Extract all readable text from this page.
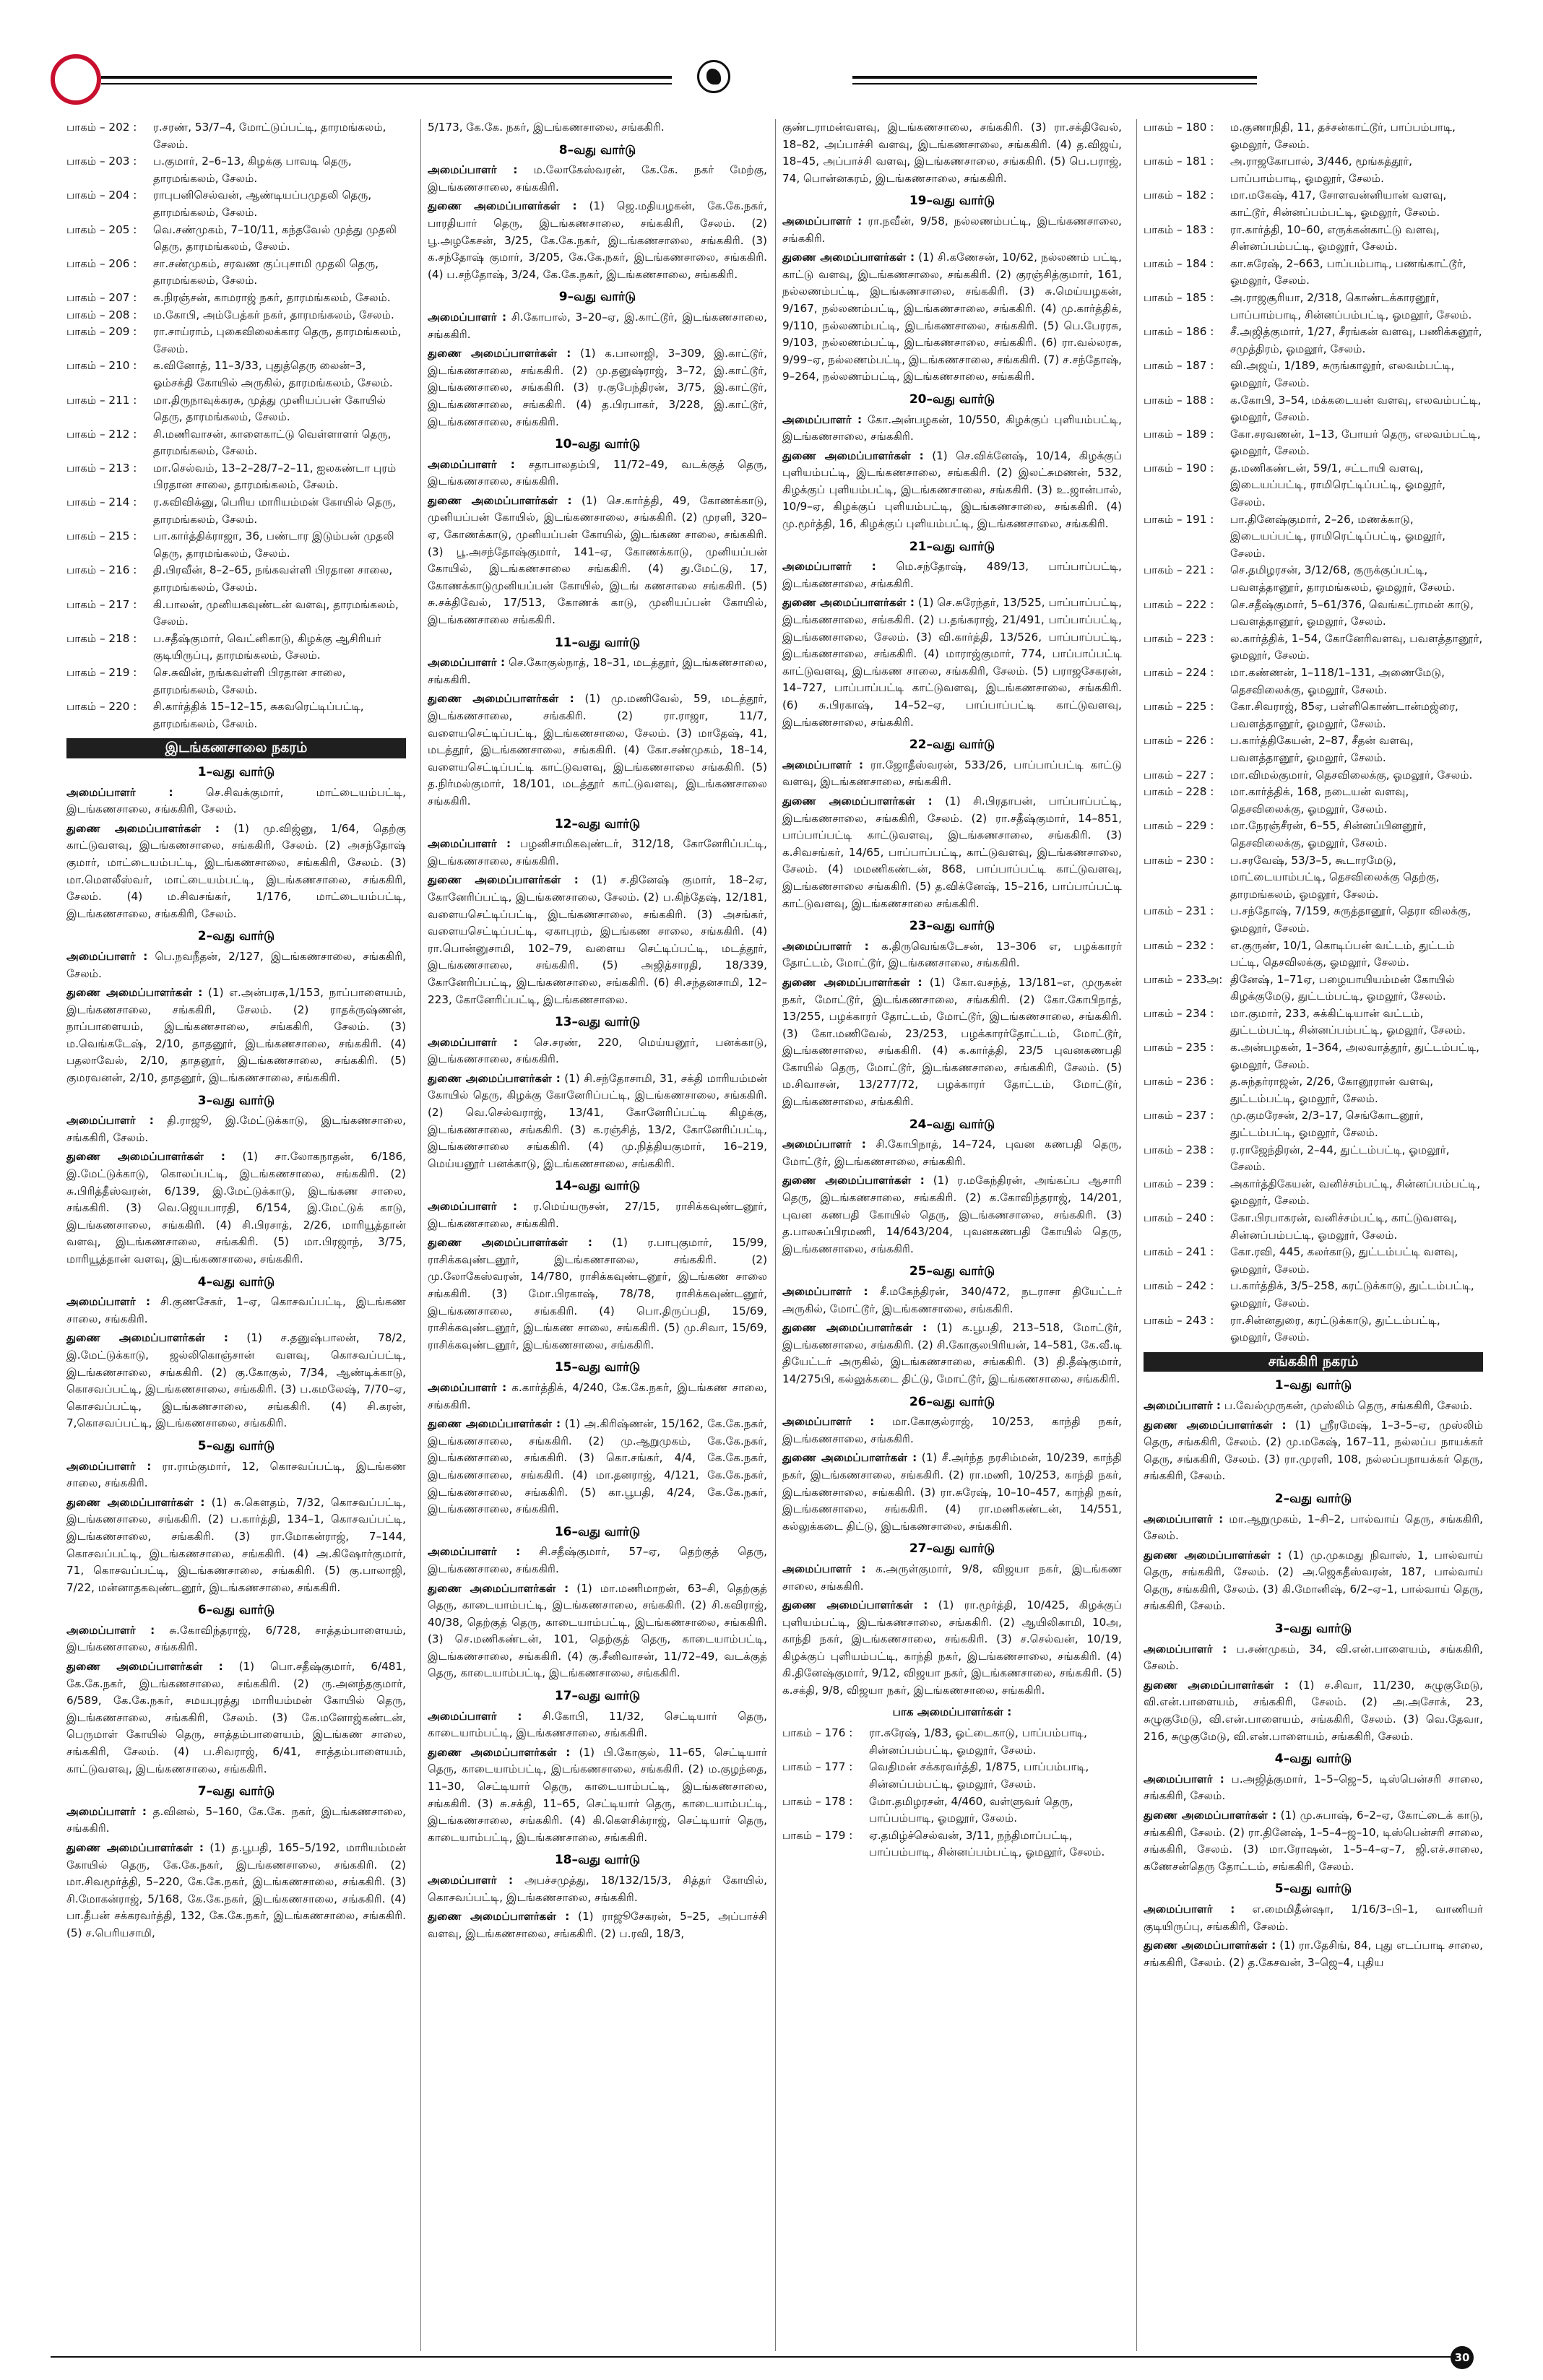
பாகம் – 202 :	ர.சரண், 53/7–4, மோட்டுப்பட்டி, தாரமங்கலம், சேலம்.
பாகம் – 203 :	ப.குமார், 2–6–13, கிழக்கு பாவடி தெரு, தாரமங்கலம், சேலம்.
பாகம் – 204 :	ராபுபனிசெல்வன், ஆண்டியப்பமுதலி தெரு, தாரமங்கலம், சேலம்.
பாகம் – 205 :	வெ.சண்முகம், 7–10/11, கந்தவேல் முத்து முதலி தெரு, தாரமங்கலம், சேலம்.
பாகம் – 206 :	சா.சண்முகம், சரவண குப்புசாமி முதலி தெரு, தாரமங்கலம், சேலம்.
பாகம் – 207 :	சு.நிரஞ்சன், காமராஜ் நகர், தாரமங்கலம், சேலம்.
பாகம் – 208 :	ம.கோபி, அம்பேத்கர் நகர், தாரமங்கலம், சேலம்.
பாகம் – 209 :	ரா.சாய்ராம், புகைவிலைக்கார தெரு, தாரமங்கலம், சேலம்.
பாகம் – 210 :	க.வினோத், 11–3/33, புதுத்தெரு லைன்–3, ஓம்சக்தி கோயில் அருகில், தாரமங்கலம், சேலம்.
பாகம் – 211 :	மா.திருநாவுக்கரசு, முத்து முனியப்பன் கோயில் தெரு, தாரமங்கலம், சேலம்.
பாகம் – 212 :	சி.மணிவாசன், காளைகாட்டு வெள்ளாளர் தெரு, தாரமங்கலம், சேலம்.
பாகம் – 213 :	மா.செல்வம், 13–2–28/7–2–11, ஐலகண்டா புரம் பிரதான சாலை, தாரமங்கலம், சேலம்.
பாகம் – 214 :	ர.கவிவிக்னு, பெரிய மாரியம்மன் கோயில் தெரு, தாரமங்கலம், சேலம்.
பாகம் – 215 :	பா.கார்த்திக்ராஜா, 36, பண்டார இடும்பன் முதலி தெரு, தாரமங்கலம், சேலம்.
பாகம் – 216 :	தி.பிரவீன், 8–2–65, நங்கவள்ளி பிரதான சாலை, தாரமங்கலம், சேலம்.
பாகம் – 217 :	கி.பாலன், முனியகவுண்டன் வளவு, தாரமங்கலம், சேலம்.
பாகம் – 218 :	ப.சதீஷ்குமார், வெட்னிகாடு, கிழக்கு ஆசிரியர் குடியிருப்பு, தாரமங்கலம், சேலம்.
பாகம் – 219 :	செ.சுவின், நங்கவள்ளி பிரதான சாலை, தாரமங்கலம், சேலம்.
பாகம் – 220 :	சி.கார்த்திக் 15–12–15, சுகவரெட்டிப்பட்டி, தாரமங்கலம், சேலம்.
இடங்கணசாலை நகரம்
1–வது வார்டு
அமைப்பாளர் :	செ.சிவக்குமார், மாட்டையம்பட்டி, இடங்கணசாலை, சங்ககிரி, சேலம்.
துணை அமைப்பாளர்கள் : (1) மு.விஜ்னு, 1/64, தெற்கு காட்டுவளவு, இடங்கணசாலை, சங்ககிரி, சேலம். (2) அசந்தோஷ் குமார், மாட்டையம்பட்டி, இடங்கணசாலை, சங்ககிரி, சேலம். (3) மா.மௌலீஸ்வர், மாட்டையம்பட்டி, இடங்கணசாலை, சங்ககிரி, சேலம். (4) ம.சிவசங்கர், 1/176, மாட்டையம்பட்டி, இடங்கணசாலை, சங்ககிரி, சேலம்.
2–வது வார்டு
அமைப்பாளர் : பெ.நவநீதன், 2/127, இடங்கணசாலை, சங்ககிரி, சேலம்.
துணை அமைப்பாளர்கள் : (1) எ.அன்பரசு,1/153, நாப்பாளையம், இடங்கணசாலை, சங்ககிரி, சேலம். (2) ராதக்ருஷ்ணன், நாப்பாளையம், இடங்கணசாலை, சங்ககிரி, சேலம். (3) ம.வெங்கடேஷ், 2/10, தாதனூர், இடங்கணசாலை, சங்ககிரி. (4) பதலாவேல், 2/10, தாதனூர், இடங்கணசாலை, சங்ககிரி. (5) குமரவனன், 2/10, தாதனூர், இடங்கணசாலை, சங்ககிரி.
3–வது வார்டு
அமைப்பாளர் : தி.ராஜூ, இ.மேட்டுக்காடு, இடங்கணசாலை, சங்ககிரி, சேலம்.
துணை அமைப்பாளர்கள் : (1) சா.லோகநாதன், 6/186, இ.மேட்டுக்காடு, கொலப்பட்டி, இடங்கணசாலை, சங்ககிரி. (2) சு.பிரித்தீஸ்வரன், 6/139, இ.மேட்டுக்காடு, இடங்கண சாலை, சங்ககிரி. (3) வெ.ஜெயபாரதி, 6/154, இ.மேட்டுக் காடு, இடங்கணசாலை, சங்ககிரி. (4) சி.பிரசாத், 2/26, மாரியூத்தான் வளவு, இடங்கணசாலை, சங்ககிரி. (5) மா.பிரஜாந், 3/75, மாரியூத்தான் வளவு, இடங்கணசாலை, சங்ககிரி.
4–வது வார்டு
அமைப்பாளர் : சி.குணசேகர், 1–ஏ, கொசவப்பட்டி, இடங்கண சாலை, சங்ககிரி.
துணை அமைப்பாளர்கள் : (1) ச.தனுஷ்பாலன், 78/2, இ.மேட்டுக்காடு, ஜல்லிகொஞ்சான் வளவு, கொசவப்பட்டி, இடங்கணசாலை, சங்ககிரி. (2) கு.கோகுல், 7/34, ஆண்டிக்காடு, கொசவப்பட்டி, இடங்கணசாலை, சங்ககிரி. (3) ப.கமலேஷ், 7/70–ஏ, கொசவப்பட்டி, இடங்கணசாலை, சங்ககிரி. (4) சி.கரன், 7,கொசவப்பட்டி, இடங்கணசாலை, சங்ககிரி.
5–வது வார்டு
அமைப்பாளர் : ரா.ராம்குமார், 12, கொசவப்பட்டி, இடங்கண சாலை, சங்ககிரி.
துணை அமைப்பாளர்கள் : (1) சு.கௌதம், 7/32, கொசவப்பட்டி, இடங்கணசாலை, சங்ககிரி. (2) ப.கார்த்தி, 134–1, கொசவப்பட்டி, இடங்கணசாலை, சங்ககிரி. (3) ரா.மோகன்ராஜ், 7–144, கொசவப்பட்டி, இடங்கணசாலை, சங்ககிரி. (4) அ.கிஷோர்குமார், 71, கொசவப்பட்டி, இடங்கணசாலை, சங்ககிரி. (5) கு.பாலாஜி, 7/22, மன்னாதகவுண்டனூர், இடங்கணசாலை, சங்ககிரி.
6–வது வார்டு
அமைப்பாளர் : சு.கோவிந்தராஜ், 6/728, சாத்தம்பாளையம், இடங்கணசாலை, சங்ககிரி.
துணை அமைப்பாளர்கள் : (1) பொ.சதீஷ்குமார், 6/481, கே.கே.நகர், இடங்கணசாலை, சங்ககிரி. (2) ரு.அனந்தகுமார், 6/589, கே.கே.நகர், சமயபுரத்து மாரியம்மன் கோயில் தெரு, இடங்கணசாலை, சங்ககிரி, சேலம். (3) கே.மனோஜ்கண்டன், பெருமாள் கோயில் தெரு, சாத்தம்பாளையம், இடங்கண சாலை, சங்ககிரி, சேலம். (4) ப.சிவராஜ், 6/41, சாத்தம்பாளையம், காட்டுவளவு, இடங்கணசாலை, சங்ககிரி.
7–வது வார்டு
அமைப்பாளர் : த.வினல், 5–160, கே.கே. நகர், இடங்கணசாலை, சங்ககிரி.
துணை அமைப்பாளர்கள் : (1) த.பூபதி, 165–5/192, மாரியம்மன் கோயில் தெரு, கே.கே.நகர், இடங்கணசாலை, சங்ககிரி. (2) மா.சிவமூர்த்தி, 5–220, கே.கே.நகர், இடங்கணசாலை, சங்ககிரி. (3) சி.மோகன்ராஜ், 5/168, கே.கே.நகர், இடங்கணசாலை, சங்ககிரி. (4) பா.தீபன் சக்கரவர்த்தி, 132, கே.கே.நகர், இடங்கணசாலை, சங்ககிரி. (5) ச.பெரியசாமி,
5/173, கே.கே. நகர், இடங்கணசாலை, சங்ககிரி.
8–வது வார்டு
அமைப்பாளர் : ம.லோகேஸ்வரன், கே.கே. நகர் மேற்கு, இடங்கணசாலை, சங்ககிரி.
துணை அமைப்பாளர்கள் : (1) ஜெ.மதியழகன், கே.கே.நகர், பாரதியார் தெரு, இடங்கணசாலை, சங்ககிரி, சேலம். (2) பூ.அழகேசன், 3/25, கே.கே.நகர், இடங்கணசாலை, சங்ககிரி. (3) க.சந்தோஷ் குமார், 3/205, கே.கே.நகர், இடங்கணசாலை, சங்ககிரி. (4) ப.சந்தோஷ், 3/24, கே.கே.நகர், இடங்கணசாலை, சங்ககிரி.
9–வது வார்டு
அமைப்பாளர் : சி.கோபால், 3–20–ஏ, இ.காட்டூர், இடங்கணசாலை, சங்ககிரி.
துணை அமைப்பாளர்கள் : (1) க.பாலாஜி, 3–309, இ.காட்டூர், இடங்கணசாலை, சங்ககிரி. (2) மு.தனுஷ்ராஜ், 3–72, இ.காட்டூர், இடங்கணசாலை, சங்ககிரி. (3) ர.குபேந்திரன், 3/75, இ.காட்டூர், இடங்கணசாலை, சங்ககிரி. (4) த.பிரபாகர், 3/228, இ.காட்டூர், இடங்கணசாலை, சங்ககிரி.
10–வது வார்டு
அமைப்பாளர் : சதாபாலதம்பி, 11/72–49, வடக்குத் தெரு, இடங்கணசாலை, சங்ககிரி.
துணை அமைப்பாளர்கள் : (1) செ.கார்த்தி, 49, கோணக்காடு, முனியப்பன் கோயில், இடங்கணசாலை, சங்ககிரி. (2) முரளி, 320–ஏ, கோணக்காடு, முனியப்பன் கோயில், இடங்கண சாலை, சங்ககிரி. (3) பூ.அசந்தோஷ்குமார், 141–ஏ, கோணக்காடு, முனியப்பன் கோயில், இடங்கணசாலை சங்ககிரி. (4) து.மேட்டு, 17, கோணக்காடுமுனியப்பன் கோயில், இடங் கணசாலை சங்ககிரி. (5) சு.சக்திவேல், 17/513, கோணக் காடு, முனியப்பன் கோயில், இடங்கணசாலை சங்ககிரி.
11–வது வார்டு
அமைப்பாளர் : செ.கோகுல்நாத், 18–31, மடத்தூர், இடங்கணசாலை, சங்ககிரி.
துணை அமைப்பாளர்கள் : (1) மு.மணிவேல், 59, மடத்தூர், இடங்கணசாலை, சங்ககிரி. (2) ரா.ராஜா, 11/7, வளையசெட்டிப்பட்டி, இடங்கணசாலை, சேலம். (3) மாதேஷ், 41, மடத்தூர், இடங்கணசாலை, சங்ககிரி. (4) கோ.சண்முகம், 18–14, வளையசெட்டிப்பட்டி காட்டுவளவு, இடங்கணசாலை சங்ககிரி. (5) த.நிர்மல்குமார், 18/101, மடத்தூர் காட்டுவளவு, இடங்கணசாலை சங்ககிரி.
12–வது வார்டு
அமைப்பாளர் : பழனிசாமிகவுண்டர், 312/18, கோனேரிப்பட்டி, இடங்கணசாலை, சங்ககிரி.
துணை அமைப்பாளர்கள் : (1) ச.தினேஷ் குமார், 18–2ஏ, கோனேரிப்பட்டி, இடங்கணசாலை, சேலம். (2) ப.கிந்தேஷ், 12/181, வளையசெட்டிப்பட்டி, இடங்கணசாலை, சங்ககிரி. (3) அசங்கர், வளையசெட்டிப்பட்டி, ஏகாபுரம், இடங்கண சாலை, சங்ககிரி. (4) ரா.பொன்னுசாமி, 102–79, வளைய செட்டிப்பட்டி, மடத்தூர், இடங்கணசாலை, சங்ககிரி. (5) அஜித்சாரதி, 18/339, கோனேரிப்பட்டி, இடங்கணசாலை, சங்ககிரி. (6) சி.சந்தனசாமி, 12–223, கோனேரிப்பட்டி, இடங்கணசாலை.
13–வது வார்டு
அமைப்பாளர் : செ.சரண், 220, மெய்யனூர், பனக்காடு, இடங்கணசாலை, சங்ககிரி.
துணை அமைப்பாளர்கள் : (1) சி.சந்தோசாமி, 31, சக்தி மாரியம்மன் கோயில் தெரு, கிழக்கு கோனேரிப்பட்டி, இடங்கணசாலை, சங்ககிரி. (2) வெ.செல்வராஜ், 13/41, கோனேரிப்பட்டி கிழக்கு, இடங்கணசாலை, சங்ககிரி. (3) க.ரஞ்சித், 13/2, கோனேரிப்பட்டி, இடங்கணசாலை சங்ககிரி. (4) மு.நித்தியகுமார், 16–219, மெய்யனூர் பனக்காடு, இடங்கணசாலை, சங்ககிரி.
14–வது வார்டு
அமைப்பாளர் : ர.மெய்யருசன், 27/15, ராசிக்கவுண்டனூர், இடங்கணசாலை, சங்ககிரி.
துணை அமைப்பாளர்கள் : (1) ர.பாபுகுமார், 15/99, ராசிக்கவுண்டனூர், இடங்கணசாலை, சங்ககிரி. (2) மு.லோகேஸ்வரன், 14/780, ராசிக்கவுண்டனூர், இடங்கண சாலை சங்ககிரி. (3) மோ.பிரகாஷ், 78/78, ராசிக்கவுண்டனூர், இடங்கணசாலை, சங்ககிரி. (4) பொ.திருப்பதி, 15/69, ராசிக்கவுண்டனூர், இடங்கண சாலை, சங்ககிரி. (5) மு.சிவா, 15/69, ராசிக்கவுண்டனூர், இடங்கணசாலை, சங்ககிரி.
15–வது வார்டு
அமைப்பாளர் : க.கார்த்திக், 4/240, கே.கே.நகர், இடங்கண சாலை, சங்ககிரி.
துணை அமைப்பாளர்கள் : (1) அ.கிரிஷ்ணன், 15/162, கே.கே.நகர், இடங்கணசாலை, சங்ககிரி. (2) மு.ஆறுமுகம், கே.கே.நகர், இடங்கணசாலை, சங்ககிரி. (3) கொ.சங்கர், 4/4, கே.கே.நகர், இடங்கணசாலை, சங்ககிரி. (4) மா.தனராஜ், 4/121, கே.கே.நகர், இடங்கணசாலை, சங்ககிரி. (5) கா.பூபதி, 4/24, கே.கே.நகர், இடங்கணசாலை, சங்ககிரி.
16–வது வார்டு
அமைப்பாளர் : சி.சதீஷ்குமார், 57–ஏ, தெற்குத் தெரு, இடங்கணசாலை, சங்ககிரி.
துணை அமைப்பாளர்கள் : (1) மா.மணிமாறன், 63–சி, தெற்குத் தெரு, காடையாம்பட்டி, இடங்கணசாலை, சங்ககிரி. (2) சி.கவிராஜ், 40/38, தெற்குத் தெரு, காடையாம்பட்டி, இடங்கணசாலை, சங்ககிரி. (3) செ.மணிகண்டன், 101, தெற்குத் தெரு, காடையாம்பட்டி, இடங்கணசாலை, சங்ககிரி. (4) கு.சீனிவாசன், 11/72–49, வடக்குத் தெரு, காடையாம்பட்டி, இடங்கணசாலை, சங்ககிரி.
17–வது வார்டு
அமைப்பாளர் : சி.கோபி, 11/32, செட்டியார் தெரு, காடையாம்பட்டி, இடங்கணசாலை, சங்ககிரி.
துணை அமைப்பாளர்கள் : (1) பி.கோகுல், 11–65, செட்டியார் தெரு, காடையாம்பட்டி, இடங்கணசாலை, சங்ககிரி. (2) ம.குழந்தை, 11–30, செட்டியார் தெரு, காடையாம்பட்டி, இடங்கணசாலை, சங்ககிரி. (3) சு.சக்தி, 11–65, செட்டியார் தெரு, காடையாம்பட்டி, இடங்கணசாலை, சங்ககிரி. (4) கி.கௌசிக்ராஜ், செட்டியார் தெரு, காடையாம்பட்டி, இடங்கணசாலை, சங்ககிரி.
18–வது வார்டு
அமைப்பாளர் : அபச்சமுத்து, 18/132/15/3, சித்தர் கோயில், கொசவப்பட்டி, இடங்கணசாலை, சங்ககிரி.
துணை அமைப்பாளர்கள் : (1) ராஜூசேகரன், 5–25, அப்பாச்சி வளவு, இடங்கணசாலை, சங்ககிரி. (2) ப.ரவி, 18/3,
குண்டராமன்வளவு, இடங்கணசாலை, சங்ககிரி. (3) ரா.சக்திவேல், 18–82, அப்பாச்சி வளவு, இடங்கணசாலை, சங்ககிரி. (4) த.விஜய், 18–45, அப்பாச்சி வளவு, இடங்கணசாலை, சங்ககிரி. (5) பெ.பராஜ், 74, பொன்னகரம், இடங்கணசாலை, சங்ககிரி.
19–வது வார்டு
அமைப்பாளர் : ரா.நவீன், 9/58, நல்லணம்பட்டி, இடங்கணசாலை, சங்ககிரி.
துணை அமைப்பாளர்கள் : (1) சி.கணேசன், 10/62, நல்லணம் பட்டி, காட்டு வளவு, இடங்கணசாலை, சங்ககிரி. (2) குரஞ்சித்குமார், 161, நல்லணம்பட்டி, இடங்கணசாலை, சங்ககிரி. (3) சு.மெய்யழகன், 9/167, நல்லணம்பட்டி, இடங்கணசாலை, சங்ககிரி. (4) மு.கார்த்திக், 9/110, நல்லணம்பட்டி, இடங்கணசாலை, சங்ககிரி. (5) பெ.பேரரசு, 9/103, நல்லணம்பட்டி, இடங்கணசாலை, சங்ககிரி. (6) ரா.வல்லரசு, 9/99–ஏ, நல்லணம்பட்டி, இடங்கணசாலை, சங்ககிரி. (7) ச.சந்தோஷ், 9–264, நல்லணம்பட்டி, இடங்கணசாலை, சங்ககிரி.
20–வது வார்டு
அமைப்பாளர் : கோ.அன்பழகன், 10/550, கிழக்குப் புளியம்பட்டி, இடங்கணசாலை, சங்ககிரி.
துணை அமைப்பாளர்கள் : (1) செ.விக்னேஷ், 10/14, கிழக்குப் புளியம்பட்டி, இடங்கணசாலை, சங்ககிரி. (2) இலட்சுமணன், 532, கிழக்குப் புளியம்பட்டி, இடங்கணசாலை, சங்ககிரி. (3) உ.ஜான்பால், 10/9–ஏ, கிழக்குப் புளியம்பட்டி, இடங்கணசாலை, சங்ககிரி. (4) மு.மூர்த்தி, 16, கிழக்குப் புளியம்பட்டி, இடங்கணசாலை, சங்ககிரி.
21–வது வார்டு
அமைப்பாளர் : மெ.சந்தோஷ், 489/13, பாப்பாப்பட்டி, இடங்கணசாலை, சங்ககிரி.
துணை அமைப்பாளர்கள் : (1) செ.சுரேந்தர், 13/525, பாப்பாப்பட்டி, இடங்கணசாலை, சங்ககிரி. (2) ப.தங்கராஜ், 21/491, பாப்பாப்பட்டி, இடங்கணசாலை, சேலம். (3) வி.கார்த்தி, 13/526, பாப்பாப்பட்டி, இடங்கணசாலை, சங்ககிரி. (4) மாராஜ்குமார், 774, பாப்பாப்பட்டி காட்டுவளவு, இடங்கண சாலை, சங்ககிரி, சேலம். (5) பராஜசேகரன், 14–727, பாப்பாப்பட்டி காட்டுவளவு, இடங்கணசாலை, சங்ககிரி. (6) சு.பிரகாஷ், 14–52–ஏ, பாப்பாப்பட்டி காட்டுவளவு, இடங்கணசாலை, சங்ககிரி.
22–வது வார்டு
அமைப்பாளர் : ரா.ஜோதீஸ்வரன், 533/26, பாப்பாப்பட்டி காட்டு வளவு, இடங்கணசாலை, சங்ககிரி.
துணை அமைப்பாளர்கள் : (1) சி.பிரதாபன், பாப்பாப்பட்டி, இடங்கணசாலை, சங்ககிரி, சேலம். (2) ரா.சதீஷ்குமார், 14–851, பாப்பாப்பட்டி காட்டுவளவு, இடங்கணசாலை, சங்ககிரி. (3) க.சிவசங்கர், 14/65, பாப்பாப்பட்டி, காட்டுவளவு, இடங்கணசாலை, சேலம். (4) மமணிகண்டன், 868, பாப்பாப்பட்டி காட்டுவளவு, இடங்கணசாலை சங்ககிரி. (5) த.விக்னேஷ், 15–216, பாப்பாப்பட்டி காட்டுவளவு, இடங்கணசாலை சங்ககிரி.
23–வது வார்டு
அமைப்பாளர் : க.திருவெங்கடேசன், 13–306 எ, பழக்காரர் தோட்டம், மோட்டூர், இடங்கணசாலை, சங்ககிரி.
துணை அமைப்பாளர்கள் : (1) கோ.வசந்த், 13/181–எ, முருகன் நகர், மோட்டூர், இடங்கணசாலை, சங்ககிரி. (2) கோ.கோபிநாத், 13/255, பழக்காரர் தோட்டம், மோட்டூர், இடங்கணசாலை, சங்ககிரி. (3) கோ.மணிவேல், 23/253, பழக்காரர்தோட்டம், மோட்டூர், இடங்கணசாலை, சங்ககிரி. (4) க.கார்த்தி, 23/5 புவனகணபதி கோயில் தெரு, மோட்டூர், இடங்கணசாலை, சங்ககிரி, சேலம். (5) ம.சிவாசன், 13/277/72, பழக்காரர் தோட்டம், மோட்டூர், இடங்கணசாலை, சங்ககிரி.
24–வது வார்டு
அமைப்பாளர் : சி.கோபிநாத், 14–724, புவன கணபதி தெரு, மோட்டூர், இடங்கணசாலை, சங்ககிரி.
துணை அமைப்பாளர்கள் : (1) ர.மகேந்திரன், அங்கப்ப ஆசாரி தெரு, இடங்கணசாலை, சங்ககிரி. (2) க.கோவிந்தராஜ், 14/201, புவன கணபதி கோயில் தெரு, இடங்கணசாலை, சங்ககிரி. (3) த.பாலசுப்பிரமணி, 14/643/204, புவனகணபதி கோயில் தெரு, இடங்கணசாலை, சங்ககிரி.
25–வது வார்டு
அமைப்பாளர் : சீ.மகேந்திரன், 340/472, நடராசா தியேட்டர் அருகில், மோட்டூர், இடங்கணசாலை, சங்ககிரி.
துணை அமைப்பாளர்கள் : (1) க.பூபதி, 213–518, மோட்டூர், இடங்கணசாலை, சங்ககிரி. (2) சி.கோகுலபிரியன், 14–581, கே.வீ.டி தியேட்டர் அருகில், இடங்கணசாலை, சங்ககிரி. (3) தி.தீஷ்குமார், 14/275பி, கல்லுக்கடை திட்டு, மோட்டூர், இடங்கணசாலை, சங்ககிரி.
26–வது வார்டு
அமைப்பாளர் : மா.கோகுல்ராஜ், 10/253, காந்தி நகர், இடங்கணசாலை, சங்ககிரி.
துணை அமைப்பாளர்கள் : (1) சீ.அர்ந்த நரசிம்மன், 10/239, காந்தி நகர், இடங்கணசாலை, சங்ககிரி. (2) ரா.மணி, 10/253, காந்தி நகர், இடங்கணசாலை, சங்ககிரி. (3) ரா.சுரேஷ், 10–10–457, காந்தி நகர், இடங்கணசாலை, சங்ககிரி. (4) ரா.மணிகண்டன், 14/551, கல்லுக்கடை திட்டு, இடங்கணசாலை, சங்ககிரி.
27–வது வார்டு
அமைப்பாளர் : க.அருள்குமார், 9/8, விஜயா நகர், இடங்கண சாலை, சங்ககிரி.
துணை அமைப்பாளர்கள் : (1) ரா.மூர்த்தி, 10/425, கிழக்குப் புளியம்பட்டி, இடங்கணசாலை, சங்ககிரி. (2) ஆயிலிகாமி, 10அ, காந்தி நகர், இடங்கணசாலை, சங்ககிரி. (3) ச.செல்வன், 10/19, கிழக்குப் புளியம்பட்டி, காந்தி நகர், இடங்கணசாலை, சங்ககிரி. (4) கி.தினேஷ்குமார், 9/12, விஜயா நகர், இடங்கணசாலை, சங்ககிரி. (5) க.சக்தி, 9/8, விஜயா நகர், இடங்கணசாலை, சங்ககிரி.
பாக அமைப்பாளர்கள் :
பாகம் – 176 :	ரா.சுரேஷ், 1/83, ஓட்டைகாடு, பாப்பம்பாடி, சின்னப்பம்பட்டி, ஓமலூர், சேலம்.
பாகம் – 177 :	வெதிமன் சக்கரவர்த்தி, 1/875, பாப்பம்பாடி, சின்னப்பம்பட்டி, ஓமலூர், சேலம்.
பாகம் – 178 :	மோ.தமிழரசன், 4/460, வள்ளுவர் தெரு, பாப்பம்பாடி, ஓமலூர், சேலம்.
பாகம் – 179 :	ஏ.தமிழ்ச்செல்வன், 3/11, நந்திமாப்பட்டி, பாப்பம்பாடி, சின்னப்பம்பட்டி, ஓமலூர், சேலம்.
பாகம் – 180 :	ம.குணாநிதி, 11, தச்சன்காட்டூர், பாப்பம்பாடி, ஓமலூர், சேலம்.
பாகம் – 181 :	அ.ராஜகோபால், 3/446, மூங்கத்தூர், பாப்பாம்பாடி, ஓமலூர், சேலம்.
பாகம் – 182 :	மா.மகேஷ், 417, சோளவன்னியான் வளவு, காட்டூர், சின்னப்பம்பட்டி, ஓமலூர், சேலம்.
பாகம் – 183 :	ரா.கார்த்தி, 10–60, எருக்கன்காட்டு வளவு, சின்னப்பம்பட்டி, ஓமலூர், சேலம்.
பாகம் – 184 :	கா.சுரேஷ், 2–663, பாப்பம்பாடி, பணங்காட்டூர், ஓமலூர், சேலம்.
பாகம் – 185 :	அ.ராஜசூரியா, 2/318, கொண்டக்காரனூர், பாப்பாம்பாடி, சின்னப்பம்பட்டி, ஓமலூர், சேலம்.
பாகம் – 186 :	சீ.அஜித்குமார், 1/27, சீரங்கன் வளவு, பணிக்கனூர், சமுத்திரம், ஓமலூர், சேலம்.
பாகம் – 187 :	வி.அஜய், 1/189, சுருங்காலூர், எலவம்பட்டி, ஓமலூர், சேலம்.
பாகம் – 188 :	க.கோபி, 3–54, மக்கடையன் வளவு, எலவம்பட்டி, ஓமலூர், சேலம்.
பாகம் – 189 :	கோ.சரவணன், 1–13, போயர் தெரு, எலவம்பட்டி, ஓமலூர், சேலம்.
பாகம் – 190 :	த.மணிகண்டன், 59/1, சட்டாயி வளவு, இடையப்பட்டி, ராமிரெட்டிப்பட்டி, ஓமலூர், சேலம்.
பாகம் – 191 :	பா.தினேஷ்குமார், 2–26, மணக்காடு, இடையப்பட்டி, ராமிரெட்டிப்பட்டி, ஓமலூர், சேலம்.
பாகம் – 221 :	செ.தமிழரசன், 3/12/68, குருக்குப்பட்டி, பவளத்தானூர், தாரமங்கலம், ஓமலூர், சேலம்.
பாகம் – 222 :	செ.சதீஷ்குமார், 5–61/376, வெங்கட்ராமன் காடு, பவளத்தானூர், ஓமலூர், சேலம்.
பாகம் – 223 :	ல.கார்த்திக், 1–54, கோனேரிவளவு, பவளத்தானூர், ஓமலூர், சேலம்.
பாகம் – 224 :	மா.கண்ணன், 1–118/1–131, அணைமேடு, தெசவிலைக்கு, ஓமலூர், சேலம்.
பாகம் – 225 :	கோ.சிவராஜ், 85ஏ, பள்ளிகொண்டான்மஜ்ரை, பவளத்தானூர், ஓமலூர், சேலம்.
பாகம் – 226 :	ப.கார்த்திகேயன், 2–87, சீதன் வளவு, பவளத்தானூர், ஓமலூர், சேலம்.
பாகம் – 227 :	மா.விமல்குமார், தெசவிலைக்கு, ஓமலூர், சேலம்.
பாகம் – 228 :	மா.கார்த்திக், 168, நடையன் வளவு, தெசவிலைக்கு, ஓமலூர், சேலம்.
பாகம் – 229 :	மா.நேரஞ்சீரன், 6–55, சின்னப்பினனூர், தெசவிலைக்கு, ஓமலூர், சேலம்.
பாகம் – 230 :	ப.சரவேஷ், 53/3–5, கூடாரமேடு, மாட்டையாம்பட்டி, தெசவிலைக்கு தெற்கு, தாரமங்கலம், ஓமலூர், சேலம்.
பாகம் – 231 :	ப.சந்தோஷ், 7/159, சுருத்தானூர், தெரா விலக்கு, ஓமலூர், சேலம்.
பாகம் – 232 :	எ.குருண், 10/1, கொடிப்பன் வட்டம், துட்டம் பட்டி, தெசவிலக்கு, ஓமலூர், சேலம்.
பாகம் – 233அ: தினேஷ், 1–71ஏ, பழையாயியம்மன் கோயில் கிழக்குமேடு, துட்டம்பட்டி, ஓமலூர், சேலம்.
பாகம் – 234 :	மா.குமார், 233, சுக்கிட்டியான் வட்டம், துட்டம்பட்டி, சின்னப்பம்பட்டி, ஓமலூர், சேலம்.
பாகம் – 235 :	க.அன்பழகன், 1–364, அலவாத்தூர், துட்டம்பட்டி, ஓமலூர், சேலம்.
பாகம் – 236 :	த.சுந்தர்ராஜன், 2/26, கோனூரான் வளவு, துட்டம்பட்டி, ஓமலூர், சேலம்.
பாகம் – 237 :	மு.குமரேசன், 2/3–17, செங்கோடனூர், துட்டம்பட்டி, ஓமலூர், சேலம்.
பாகம் – 238 :	ர.ராஜேந்திரன், 2–44, துட்டம்பட்டி, ஓமலூர், சேலம்.
பாகம் – 239 :	அகார்த்திகேயன், வனிச்சம்பட்டி, சின்னப்பம்பட்டி, ஓமலூர், சேலம்.
பாகம் – 240 :	கோ.பிரபாகரன், வனிச்சம்பட்டி, காட்டுவளவு, சின்னப்பம்பட்டி, ஓமலூர், சேலம்.
பாகம் – 241 :	கோ.ரவி, 445, கலர்காடு, துட்டம்பட்டி வளவு, ஓமலூர், சேலம்.
பாகம் – 242 :	ப.கார்த்திக், 3/5–258, கரட்டுக்காடு, துட்டம்பட்டி, ஓமலூர், சேலம்.
பாகம் – 243 :	ரா.சின்னதுரை, கரட்டுக்காடு, துட்டம்பட்டி, ஓமலூர், சேலம்.
சங்ககிரி நகரம்
1–வது வார்டு
அமைப்பாளர் : ப.வேல்முருகன், முஸ்லிம் தெரு, சங்ககிரி, சேலம்.
துணை அமைப்பாளர்கள் : (1) ஸ்ரீரமேஷ், 1–3–5–ஏ, முஸ்லிம் தெரு, சங்ககிரி, சேலம். (2) மு.மகேஷ், 167–11, நல்லப்ப நாயக்கர் தெரு, சங்ககிரி, சேலம். (3) ரா.முரளி, 108, நல்லப்பநாயக்கர் தெரு, சங்ககிரி, சேலம்.
2–வது வார்டு
அமைப்பாளர் : மா.ஆறுமுகம், 1–சி–2, பால்வாய் தெரு, சங்ககிரி, சேலம்.
துணை அமைப்பாளர்கள் : (1) மு.முகமது நிவாஸ், 1, பால்வாய் தெரு, சங்ககிரி, சேலம். (2) அ.ஜெகதீஸ்வரன், 187, பால்வாய் தெரு, சங்ககிரி, சேலம். (3) கி.மோனிஷ், 6/2–ஏ–1, பால்வாய் தெரு, சங்ககிரி, சேலம்.
3–வது வார்டு
அமைப்பாளர் : ப.சண்முகம், 34, வி.என்.பாளையம், சங்ககிரி, சேலம்.
துணை அமைப்பாளர்கள் : (1) ச.சிவா, 11/230, சுழுகுமேடு, வி.என்.பாளையம், சங்ககிரி, சேலம். (2) அ.அசோக், 23, சுழுகுமேடு, வி.என்.பாளையம், சங்ககிரி, சேலம். (3) வெ.தேவா, 216, சுழுகுமேடு, வி.என்.பாளையம், சங்ககிரி, சேலம்.
4–வது வார்டு
அமைப்பாளர் : ப.அஜித்குமார், 1–5–ஜெ–5, டிஸ்பென்சரி சாலை, சங்ககிரி, சேலம்.
துணை அமைப்பாளர்கள் : (1) மு.சுபாஷ், 6–2–ஏ, கோட்டைக் காடு, சங்ககிரி, சேலம். (2) ரா.தினேஷ், 1–5–4–ஜ–10, டிஸ்பென்சரி சாலை, சங்ககிரி, சேலம். (3) மா.ரோஷன், 1–5–4–ஏ–7, ஜி.எச்.சாலை, கணேசன்தெரு தோட்டம், சங்ககிரி, சேலம்.
5–வது வார்டு
அமைப்பாளர் : எ.மைமிதீன்ஷா, 1/16/3–பி–1, வாணியர் குடியிருப்பு, சங்ககிரி, சேலம்.
துணை அமைப்பாளர்கள் : (1) ரா.தேசிங், 84, புது எடப்பாடி சாலை, சங்ககிரி, சேலம். (2) த.கேசவன், 3–ஜெ–4, புதிய
30
